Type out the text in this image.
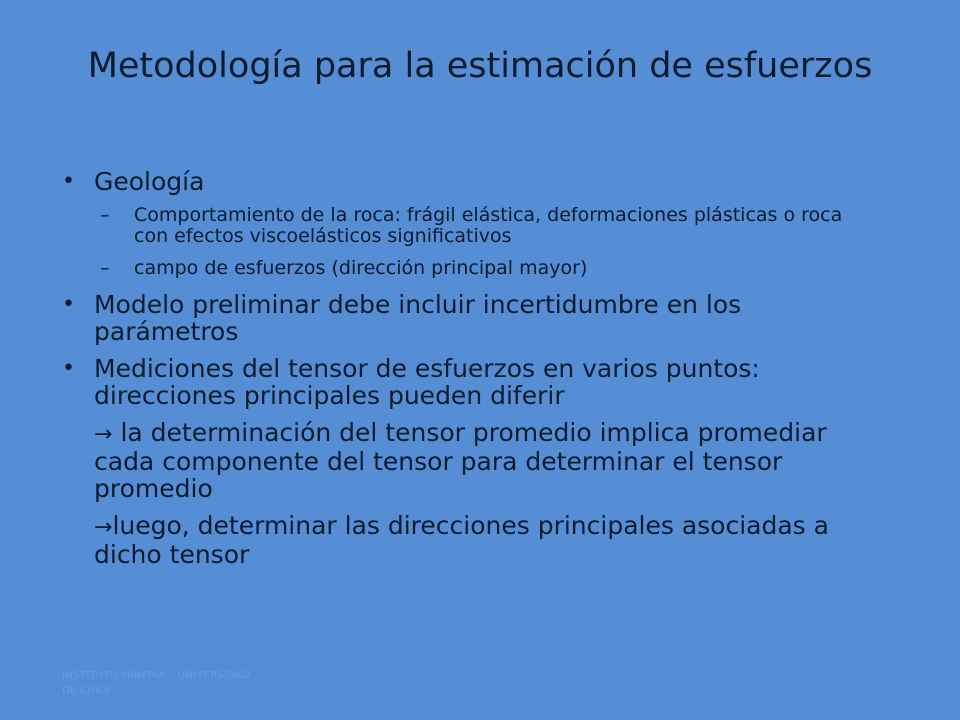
Metodología para la estimación de esfuerzos
• Geología
– Comportamiento de la roca: frágil elástica, deformaciones plásticas o roca con efectos viscoelásticos significativos
– campo de esfuerzos (dirección principal mayor)
• Modelo preliminar debe incluir incertidumbre en los parámetros
• Mediciones del tensor de esfuerzos en varios puntos: direcciones principales pueden diferir
→ la determinación del tensor promedio implica promediar cada componente del tensor para determinar el tensor promedio
→luego, determinar las direcciones principales asociadas a dicho tensor
INSTITUTO MINERÍA – UNIVERSIDAD DE CHILE
